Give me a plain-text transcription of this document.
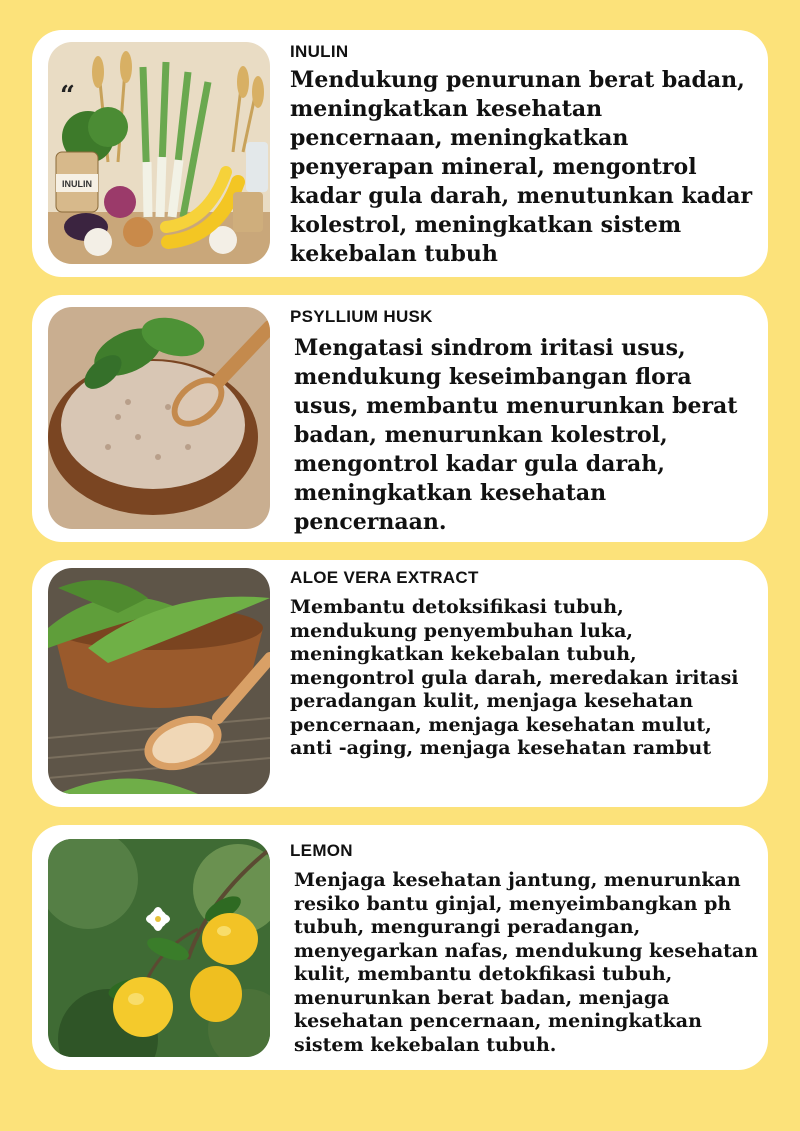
INULIN
“
INULIN
Mendukung penurunan berat badan, meningkatkan kesehatan pencernaan, meningkatkan penyerapan mineral, mengontrol kadar gula darah, menutunkan kadar kolestrol, meningkatkan sistem kekebalan tubuh
PSYLLIUM HUSK
Mengatasi sindrom iritasi usus, mendukung keseimbangan flora usus, membantu menurunkan berat badan, menurunkan kolestrol, mengontrol kadar gula darah, meningkatkan kesehatan pencernaan.
ALOE VERA EXTRACT
Membantu detoksifikasi tubuh, mendukung penyembuhan luka, meningkatkan kekebalan tubuh, mengontrol gula darah, meredakan iritasi peradangan kulit, menjaga kesehatan pencernaan, menjaga kesehatan mulut, anti -aging, menjaga kesehatan rambut
LEMON
Menjaga kesehatan jantung, menurunkan resiko bantu ginjal, menyeimbangkan ph tubuh, mengurangi peradangan, menyegarkan nafas, mendukung kesehatan kulit, membantu detokfikasi tubuh, menurunkan berat badan, menjaga kesehatan pencernaan, meningkatkan sistem kekebalan tubuh.
